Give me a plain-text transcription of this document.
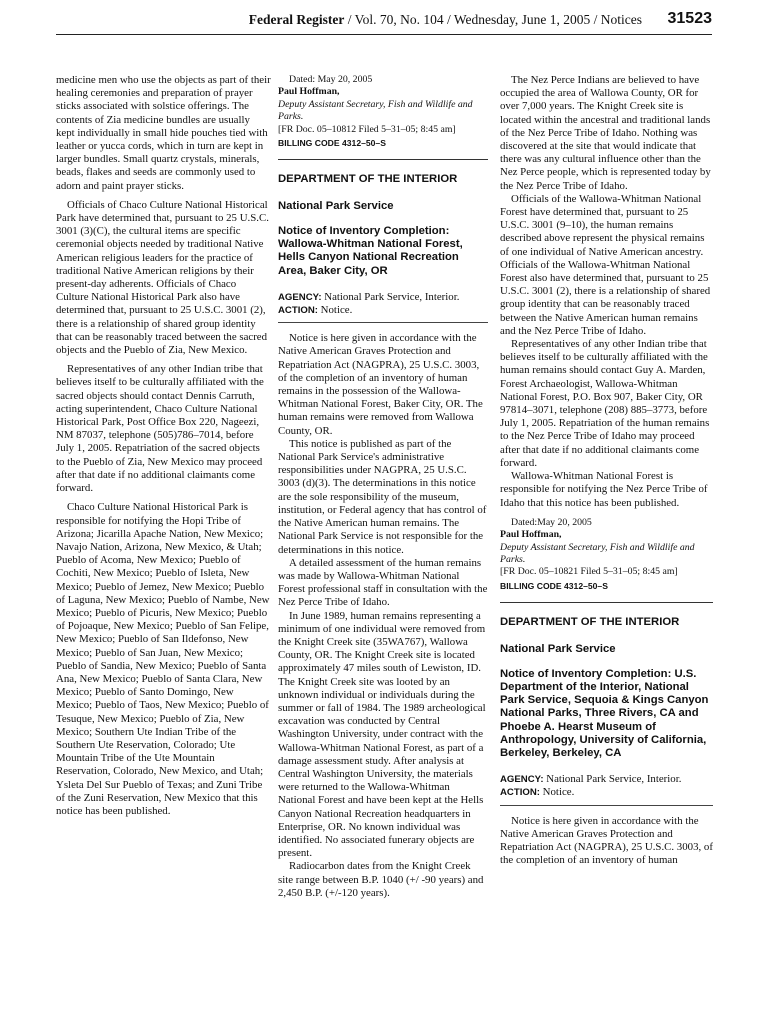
Federal Register / Vol. 70, No. 104 / Wednesday, June 1, 2005 / Notices 31523

medicine men who use the objects as part of their healing ceremonies and preparation of prayer sticks associated with solstice offerings. The contents of Zia medicine bundles are usually kept individually in small hide pouches tied with leather or yucca cords, which in turn are kept in larger bundles. Small quartz crystals, minerals, beads, flakes and seeds are commonly used to adorn and paint prayer sticks.

Officials of Chaco Culture National Historical Park have determined that, pursuant to 25 U.S.C. 3001 (3)(C), the cultural items are specific ceremonial objects needed by traditional Native American religious leaders for the practice of traditional Native American religions by their present-day adherents. Officials of Chaco Culture National Historical Park also have determined that, pursuant to 25 U.S.C. 3001 (2), there is a relationship of shared group identity that can be reasonably traced between the sacred objects and the Pueblo of Zia, New Mexico.

Representatives of any other Indian tribe that believes itself to be culturally affiliated with the sacred objects should contact Dennis Carruth, acting superintendent, Chaco Culture National Historical Park, Post Office Box 220, Nageezi, NM 87037, telephone (505)786–7014, before July 1, 2005. Repatriation of the sacred objects to the Pueblo of Zia, New Mexico may proceed after that date if no additional claimants come forward.

Chaco Culture National Historical Park is responsible for notifying the Hopi Tribe of Arizona; Jicarilla Apache Nation, New Mexico; Navajo Nation, Arizona, New Mexico, & Utah; Pueblo of Acoma, New Mexico; Pueblo of Cochiti, New Mexico; Pueblo of Isleta, New Mexico; Pueblo of Jemez, New Mexico; Pueblo of Laguna, New Mexico; Pueblo of Nambe, New Mexico; Pueblo of Picuris, New Mexico; Pueblo of Pojoaque, New Mexico; Pueblo of San Felipe, New Mexico; Pueblo of San Ildefonso, New Mexico; Pueblo of San Juan, New Mexico; Pueblo of Sandia, New Mexico; Pueblo of Santa Ana, New Mexico; Pueblo of Santa Clara, New Mexico; Pueblo of Santo Domingo, New Mexico; Pueblo of Taos, New Mexico; Pueblo of Tesuque, New Mexico; Pueblo of Zia, New Mexico; Southern Ute Indian Tribe of the Southern Ute Reservation, Colorado; Ute Mountain Tribe of the Ute Mountain Reservation, Colorado, New Mexico, and Utah; Ysleta Del Sur Pueblo of Texas; and Zuni Tribe of the Zuni Reservation, New Mexico that this notice has been published.

Dated: May 20, 2005

Paul Hoffman,

Deputy Assistant Secretary, Fish and Wildlife and Parks.

[FR Doc. 05–10812 Filed 5–31–05; 8:45 am]

BILLING CODE 4312–50–S

DEPARTMENT OF THE INTERIOR

National Park Service

Notice of Inventory Completion: Wallowa-Whitman National Forest, Hells Canyon National Recreation Area, Baker City, OR

AGENCY: National Park Service, Interior.

ACTION: Notice.

Notice is here given in accordance with the Native American Graves Protection and Repatriation Act (NAGPRA), 25 U.S.C. 3003, of the completion of an inventory of human remains in the possession of the Wallowa-Whitman National Forest, Baker City, OR. The human remains were removed from Wallowa County, OR.

This notice is published as part of the National Park Service's administrative responsibilities under NAGPRA, 25 U.S.C. 3003 (d)(3). The determinations in this notice are the sole responsibility of the museum, institution, or Federal agency that has control of the Native American human remains. The National Park Service is not responsible for the determinations in this notice.

A detailed assessment of the human remains was made by Wallowa-Whitman National Forest professional staff in consultation with the Nez Perce Tribe of Idaho.

In June 1989, human remains representing a minimum of one individual were removed from the Knight Creek site (35WA767), Wallowa County, OR. The Knight Creek site is located approximately 47 miles south of Lewiston, ID. The Knight Creek site was looted by an unknown individual or individuals during the summer or fall of 1984. The 1989 archeological excavation was conducted by Central Washington University, under contract with the Wallowa-Whitman National Forest, as part of a damage assessment study. After analysis at Central Washington University, the materials were returned to the Wallowa-Whitman National Forest and have been kept at the Hells Canyon National Recreation headquarters in Enterprise, OR. No known individual was identified. No associated funerary objects are present.

Radiocarbon dates from the Knight Creek site range between B.P. 1040 (+/ -90 years) and 2,450 B.P. (+/-120 years).

The Nez Perce Indians are believed to have occupied the area of Wallowa County, OR for over 7,000 years. The Knight Creek site is located within the ancestral and traditional lands of the Nez Perce Tribe of Idaho. Nothing was discovered at the site that would indicate that there was any cultural influence other than the Nez Perce people, which is represented today by the Nez Perce Tribe of Idaho.

Officials of the Wallowa-Whitman National Forest have determined that, pursuant to 25 U.S.C. 3001 (9–10), the human remains described above represent the physical remains of one individual of Native American ancestry. Officials of the Wallowa-Whitman National Forest also have determined that, pursuant to 25 U.S.C. 3001 (2), there is a relationship of shared group identity that can be reasonably traced between the Native American human remains and the Nez Perce Tribe of Idaho.

Representatives of any other Indian tribe that believes itself to be culturally affiliated with the human remains should contact Guy A. Marden, Forest Archaeologist, Wallowa-Whitman National Forest, P.O. Box 907, Baker City, OR 97814–3071, telephone (208) 885–3773, before July 1, 2005. Repatriation of the human remains to the Nez Perce Tribe of Idaho may proceed after that date if no additional claimants come forward.

Wallowa-Whitman National Forest is responsible for notifying the Nez Perce Tribe of Idaho that this notice has been published.

Dated:May 20, 2005

Paul Hoffman,

Deputy Assistant Secretary, Fish and Wildlife and Parks.

[FR Doc. 05–10821 Filed 5–31–05; 8:45 am]

BILLING CODE 4312–50–S

DEPARTMENT OF THE INTERIOR

National Park Service

Notice of Inventory Completion: U.S. Department of the Interior, National Park Service, Sequoia & Kings Canyon National Parks, Three Rivers, CA and Phoebe A. Hearst Museum of Anthropology, University of California, Berkeley, Berkeley, CA

AGENCY: National Park Service, Interior.

ACTION: Notice.

Notice is here given in accordance with the Native American Graves Protection and Repatriation Act (NAGPRA), 25 U.S.C. 3003, of the completion of an inventory of human
